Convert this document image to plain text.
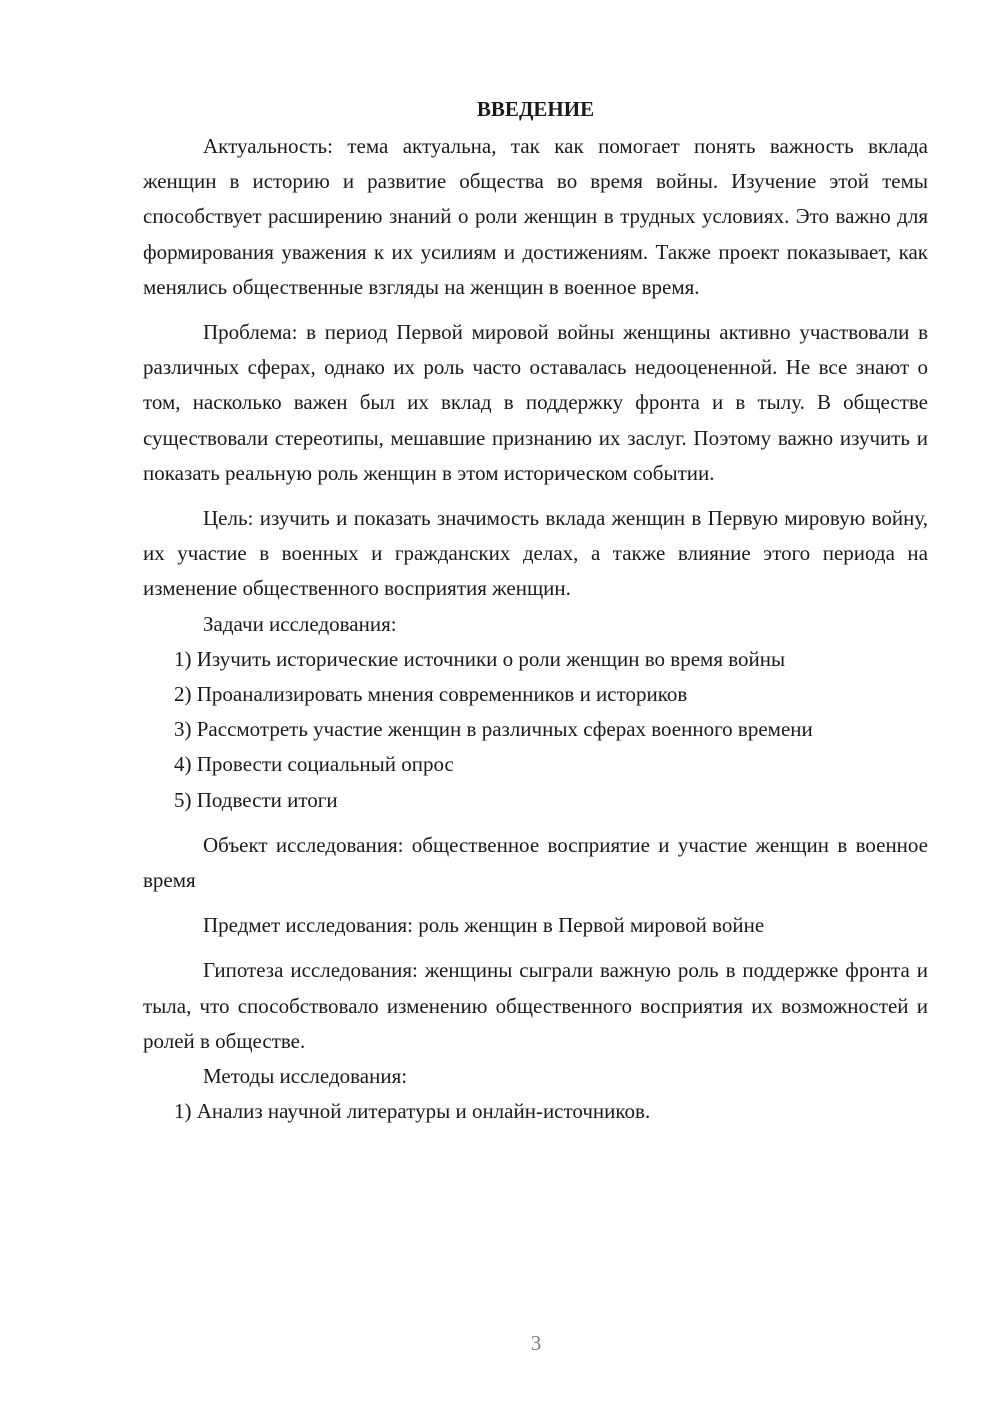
ВВЕДЕНИЕ

Актуальность: тема актуальна, так как помогает понять важность вклада женщин в историю и развитие общества во время войны. Изучение этой темы способствует расширению знаний о роли женщин в трудных условиях. Это важно для формирования уважения к их усилиям и достижениям. Также проект показывает, как менялись общественные взгляды на женщин в военное время.

Проблема: в период Первой мировой войны женщины активно участвовали в различных сферах, однако их роль часто оставалась недооцененной. Не все знают о том, насколько важен был их вклад в поддержку фронта и в тылу. В обществе существовали стереотипы, мешавшие признанию их заслуг. Поэтому важно изучить и показать реальную роль женщин в этом историческом событии.

Цель: изучить и показать значимость вклада женщин в Первую мировую войну, их участие в военных и гражданских делах, а также влияние этого периода на изменение общественного восприятия женщин.

Задачи исследования:

1) Изучить исторические источники о роли женщин во время войны

2) Проанализировать мнения современников и историков

3) Рассмотреть участие женщин в различных сферах военного времени

4) Провести социальный опрос

5) Подвести итоги

Объект исследования: общественное восприятие и участие женщин в военное время

Предмет исследования: роль женщин в Первой мировой войне

Гипотеза исследования: женщины сыграли важную роль в поддержке фронта и тыла, что способствовало изменению общественного восприятия их возможностей и ролей в обществе.

Методы исследования:

1) Анализ научной литературы и онлайн-источников.

3
